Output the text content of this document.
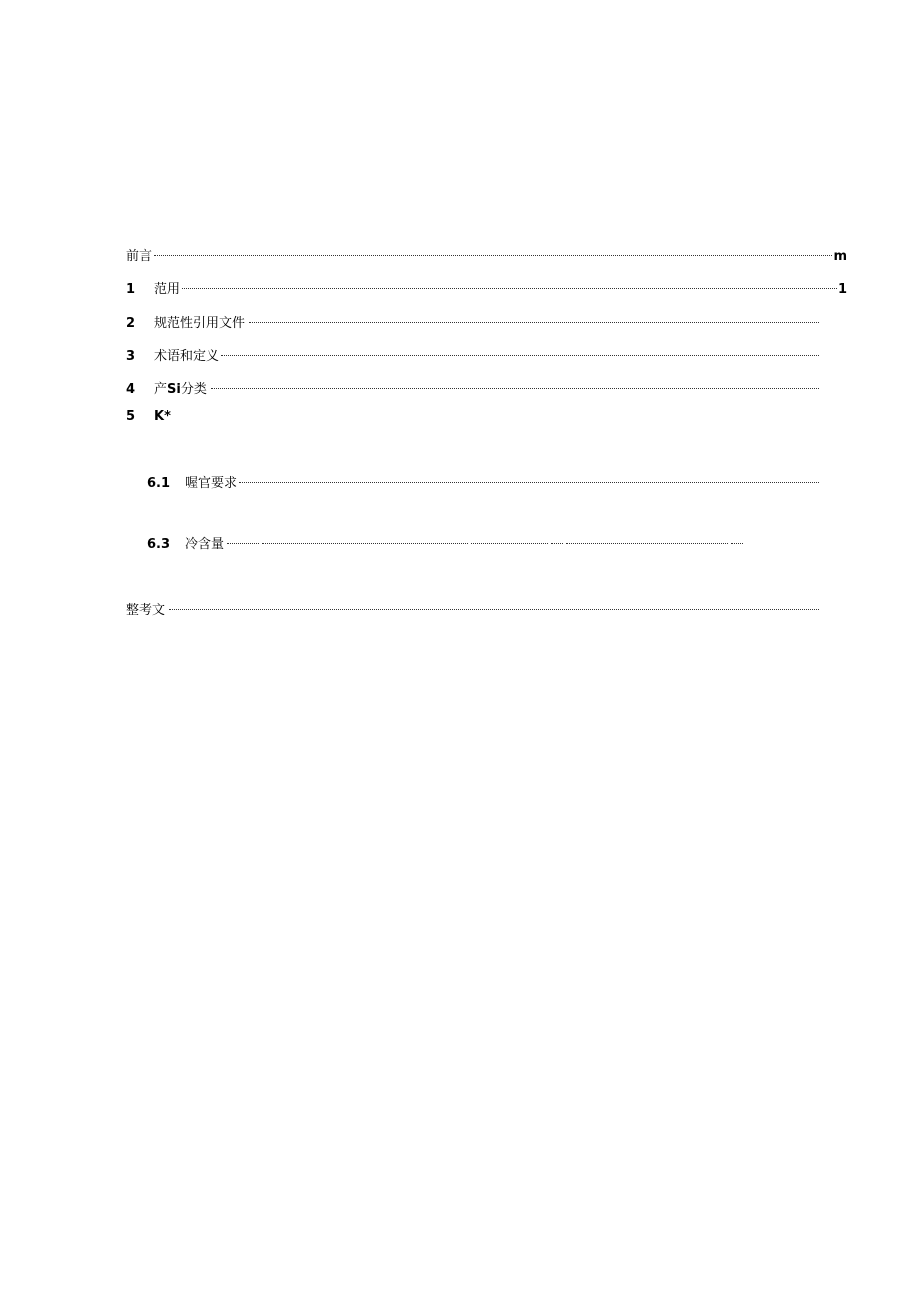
前言	m
1	范用	1
2	规范性引用文件
3	术语和定义
4	产Si分类
5	K*
6.1	喔官要求
6.3	冷含量
整考文
